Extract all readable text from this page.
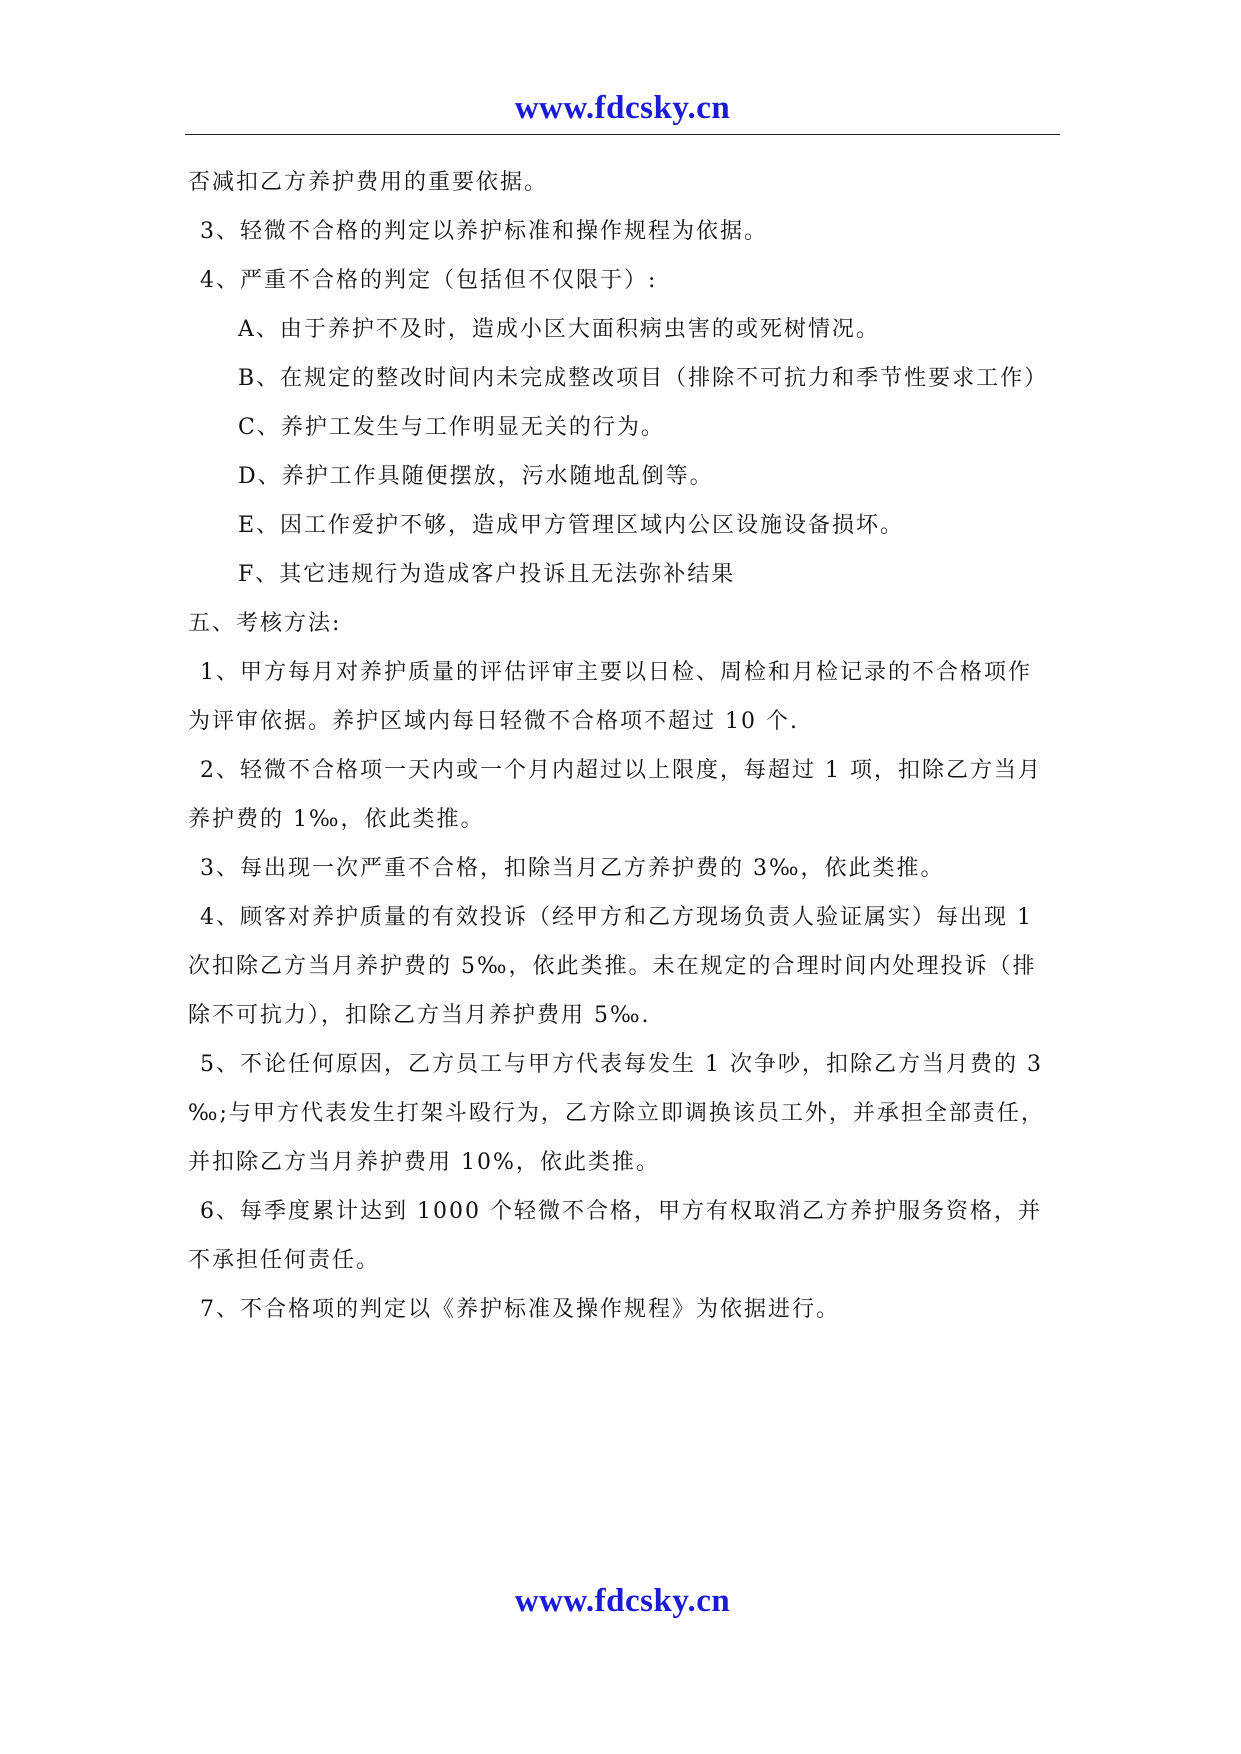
www.fdcsky.cn
否减扣乙方养护费用的重要依据。
3、轻微不合格的判定以养护标准和操作规程为依据。
4、严重不合格的判定（包括但不仅限于）:
A、由于养护不及时，造成小区大面积病虫害的或死树情况。
B、在规定的整改时间内未完成整改项目（排除不可抗力和季节性要求工作）
C、养护工发生与工作明显无关的行为。
D、养护工作具随便摆放，污水随地乱倒等。
E、因工作爱护不够，造成甲方管理区域内公区设施设备损坏。
F、其它违规行为造成客户投诉且无法弥补结果
五、考核方法:
1、甲方每月对养护质量的评估评审主要以日检、周检和月检记录的不合格项作
为评审依据。养护区域内每日轻微不合格项不超过 10 个.
2、轻微不合格项一天内或一个月内超过以上限度，每超过 1 项，扣除乙方当月
养护费的 1‰，依此类推。
3、每出现一次严重不合格，扣除当月乙方养护费的 3‰，依此类推。
4、顾客对养护质量的有效投诉（经甲方和乙方现场负责人验证属实）每出现 1
次扣除乙方当月养护费的 5‰，依此类推。未在规定的合理时间内处理投诉（排
除不可抗力），扣除乙方当月养护费用 5‰.
5、不论任何原因，乙方员工与甲方代表每发生 1 次争吵，扣除乙方当月费的 3
‰;与甲方代表发生打架斗殴行为，乙方除立即调换该员工外，并承担全部责任，
并扣除乙方当月养护费用 10%，依此类推。
6、每季度累计达到 1000 个轻微不合格，甲方有权取消乙方养护服务资格，并
不承担任何责任。
7、不合格项的判定以《养护标准及操作规程》为依据进行。
www.fdcsky.cn
